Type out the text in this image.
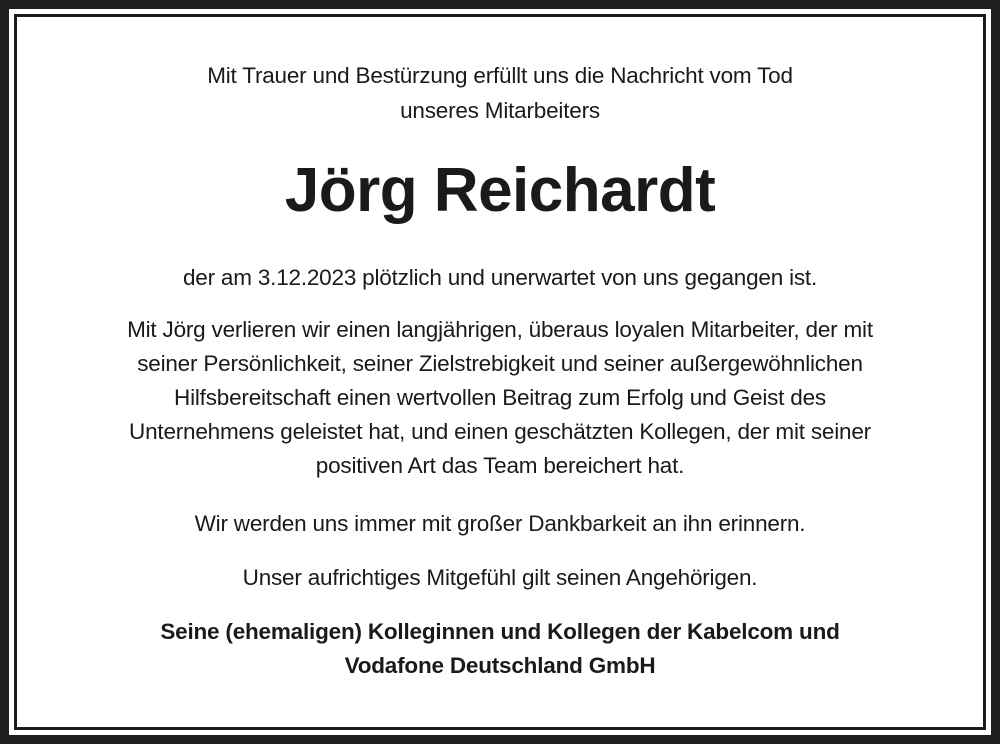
Mit Trauer und Bestürzung erfüllt uns die Nachricht vom Tod
unseres Mitarbeiters
Jörg Reichardt
der am 3.12.2023 plötzlich und unerwartet von uns gegangen ist.
Mit Jörg verlieren wir einen langjährigen, überaus loyalen Mitarbeiter, der mit
seiner Persönlichkeit, seiner Zielstrebigkeit und seiner außergewöhnlichen
Hilfsbereitschaft einen wertvollen Beitrag zum Erfolg und Geist des
Unternehmens geleistet hat, und einen geschätzten Kollegen, der mit seiner
positiven Art das Team bereichert hat.
Wir werden uns immer mit großer Dankbarkeit an ihn erinnern.
Unser aufrichtiges Mitgefühl gilt seinen Angehörigen.
Seine (ehemaligen) Kolleginnen und Kollegen der Kabelcom und
Vodafone Deutschland GmbH
